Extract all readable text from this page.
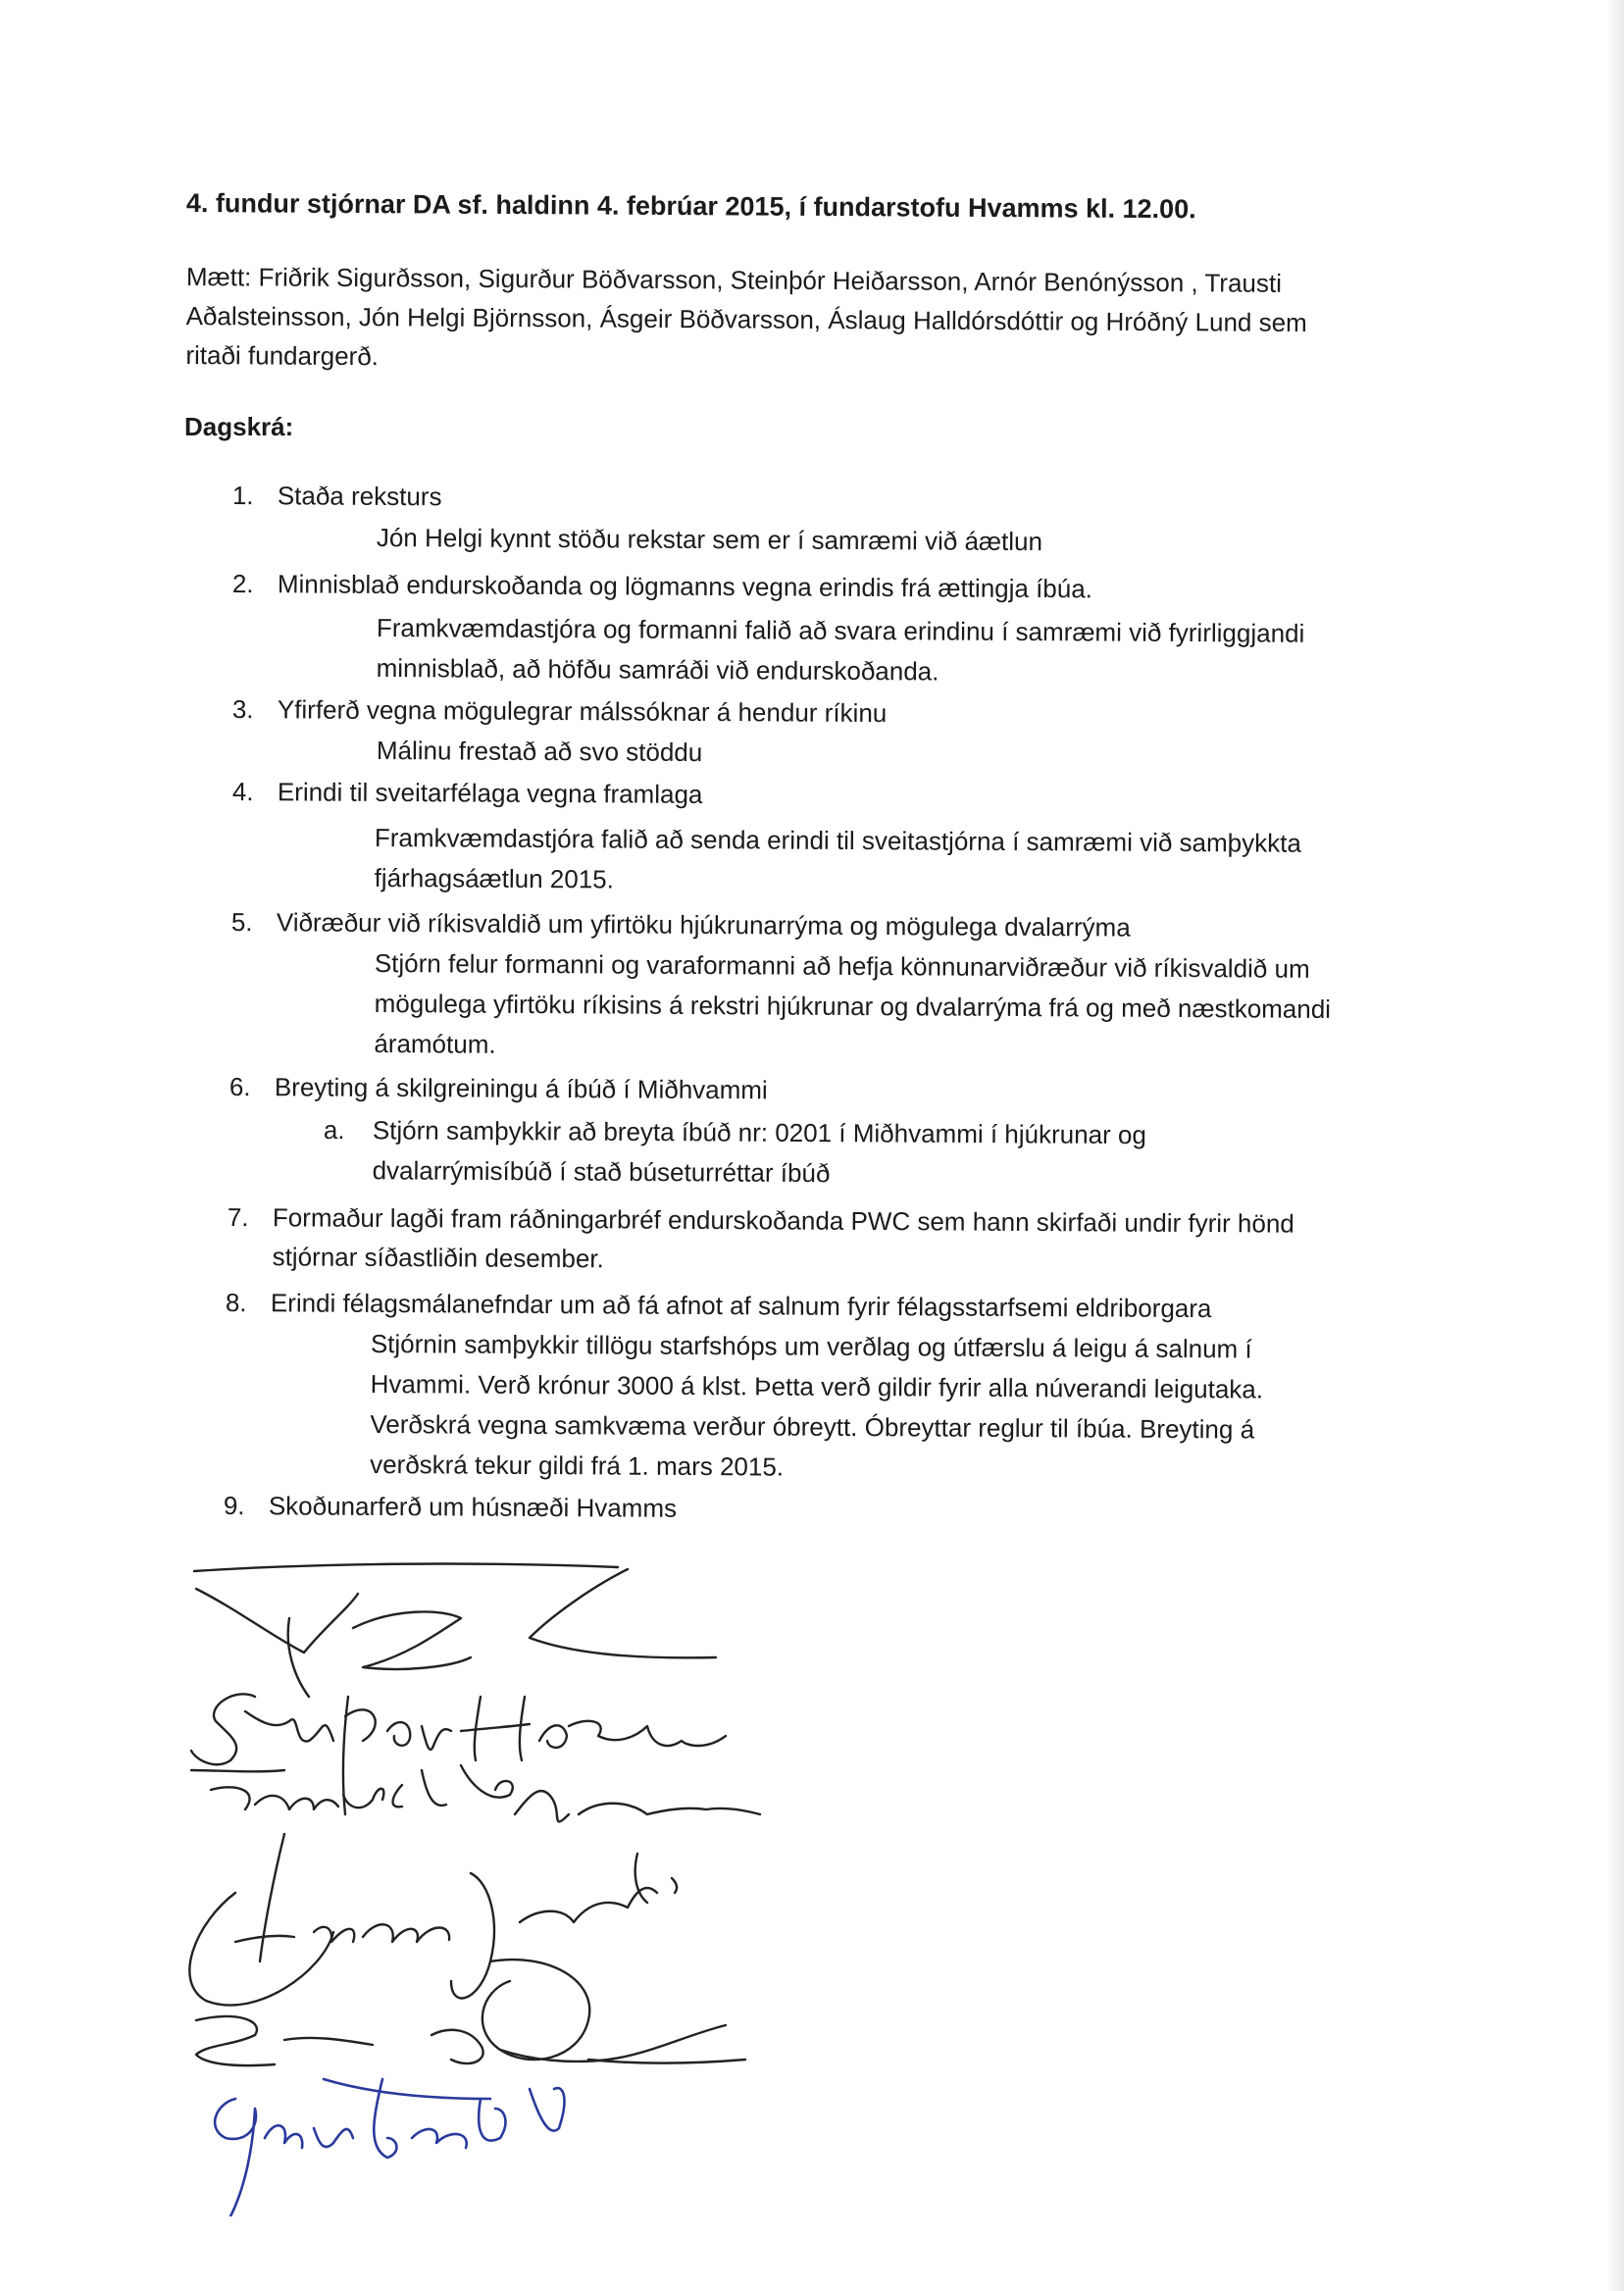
4. fundur stjórnar DA sf. haldinn 4. febrúar 2015, í fundarstofu Hvamms kl. 12.00.
Mætt: Friðrik Sigurðsson, Sigurður Böðvarsson, Steinþór Heiðarsson, Arnór Benónýsson , Trausti
Aðalsteinsson, Jón Helgi Björnsson, Ásgeir Böðvarsson, Áslaug Halldórsdóttir og Hróðný Lund sem
ritaði fundargerð.
Dagskrá:
1. Staða reksturs
Jón Helgi kynnt stöðu rekstar sem er í samræmi við áætlun
2. Minnisblað endurskoðanda og lögmanns vegna erindis frá ættingja íbúa.
Framkvæmdastjóra og formanni falið að svara erindinu í samræmi við fyrirliggjandi
minnisblað, að höfðu samráði við endurskoðanda.
3. Yfirferð vegna mögulegrar málssóknar á hendur ríkinu
Málinu frestað að svo stöddu
4. Erindi til sveitarfélaga vegna framlaga
Framkvæmdastjóra falið að senda erindi til sveitastjórna í samræmi við samþykkta
fjárhagsáætlun 2015.
5. Viðræður við ríkisvaldið um yfirtöku hjúkrunarrýma og mögulega dvalarrýma
Stjórn felur formanni og varaformanni að hefja könnunarviðræður við ríkisvaldið um
mögulega yfirtöku ríkisins á rekstri hjúkrunar og dvalarrýma frá og með næstkomandi
áramótum.
6. Breyting á skilgreiningu á íbúð í Miðhvammi
a. Stjórn samþykkir að breyta íbúð nr: 0201 í Miðhvammi í hjúkrunar og
dvalarrýmisíbúð í stað búseturréttar íbúð
7. Formaður lagði fram ráðningarbréf endurskoðanda PWC sem hann skirfaði undir fyrir hönd
stjórnar síðastliðin desember.
8. Erindi félagsmálanefndar um að fá afnot af salnum fyrir félagsstarfsemi eldriborgara
Stjórnin samþykkir tillögu starfshóps um verðlag og útfærslu á leigu á salnum í
Hvammi. Verð krónur 3000 á klst. Þetta verð gildir fyrir alla núverandi leigutaka.
Verðskrá vegna samkvæma verður óbreytt. Óbreyttar reglur til íbúa. Breyting á
verðskrá tekur gildi frá 1. mars 2015.
9. Skoðunarferð um húsnæði Hvamms
